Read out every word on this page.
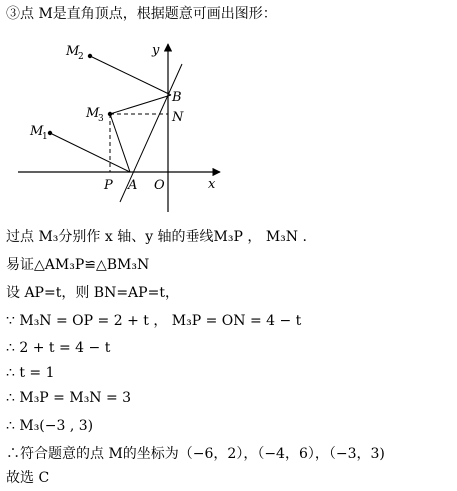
③点 M是直角顶点，根据题意可画出图形：
y
x
M
2
M
3
M
1
B
N
P A O
过点 M₃分别作 x 轴、y 轴的垂线M₃P ， M₃N .
易证△AM₃P≌△BM₃N
设 AP=t，则 BN=AP=t，
∵ M₃N = OP = 2 + t ， M₃P = ON = 4 − t
∴ 2 + t = 4 − t
∴ t = 1
∴ M₃P = M₃N = 3
∴ M₃(−3 , 3)
∴符合题意的点 M的坐标为（−6，2），（−4，6），（−3，3)
故选 C
